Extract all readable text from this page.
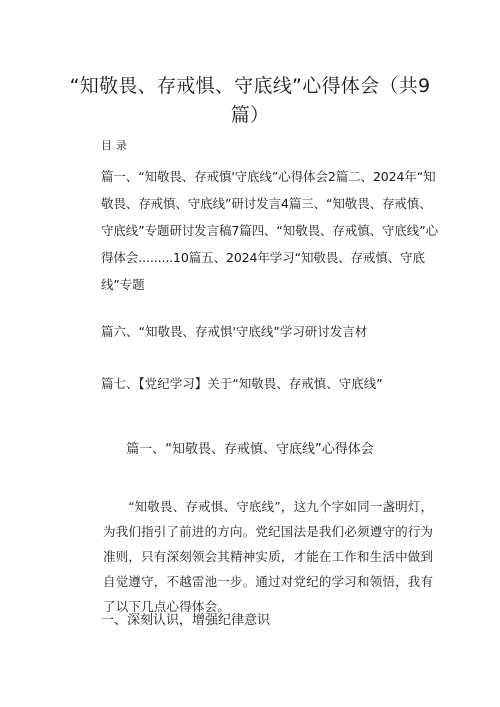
“知敬畏、存戒惧、守底线”心得体会（共9篇）
目录
篇一、“知敬畏、存戒慎'守底线”心得体会2篇二、2024年“知敬畏、存戒慎、守底线”研讨发言4篇三、“知敬畏、存戒慎、守底线”专题研讨发言稿7篇四、“知敬畏、存戒慎、守底线”心得体会.........10篇五、2024年学习“知敬畏、存戒慎、守底线”专题
篇六、“知敬畏、存戒惧'守底线”学习研讨发言材
篇七、【党纪学习】关于“知敬畏、存戒慎、守底线”
篇一、“知敬畏、存戒慎、守底线”心得体会
“知敬畏、存戒惧、守底线”，这九个字如同一盏明灯，为我们指引了前进的方向。党纪国法是我们必须遵守的行为准则，只有深刻领会其精神实质，才能在工作和生活中做到自觉遵守，不越雷池一步。通过对党纪的学习和领悟，我有了以下几点心得体会。
一、深刻认识，增强纪律意识
